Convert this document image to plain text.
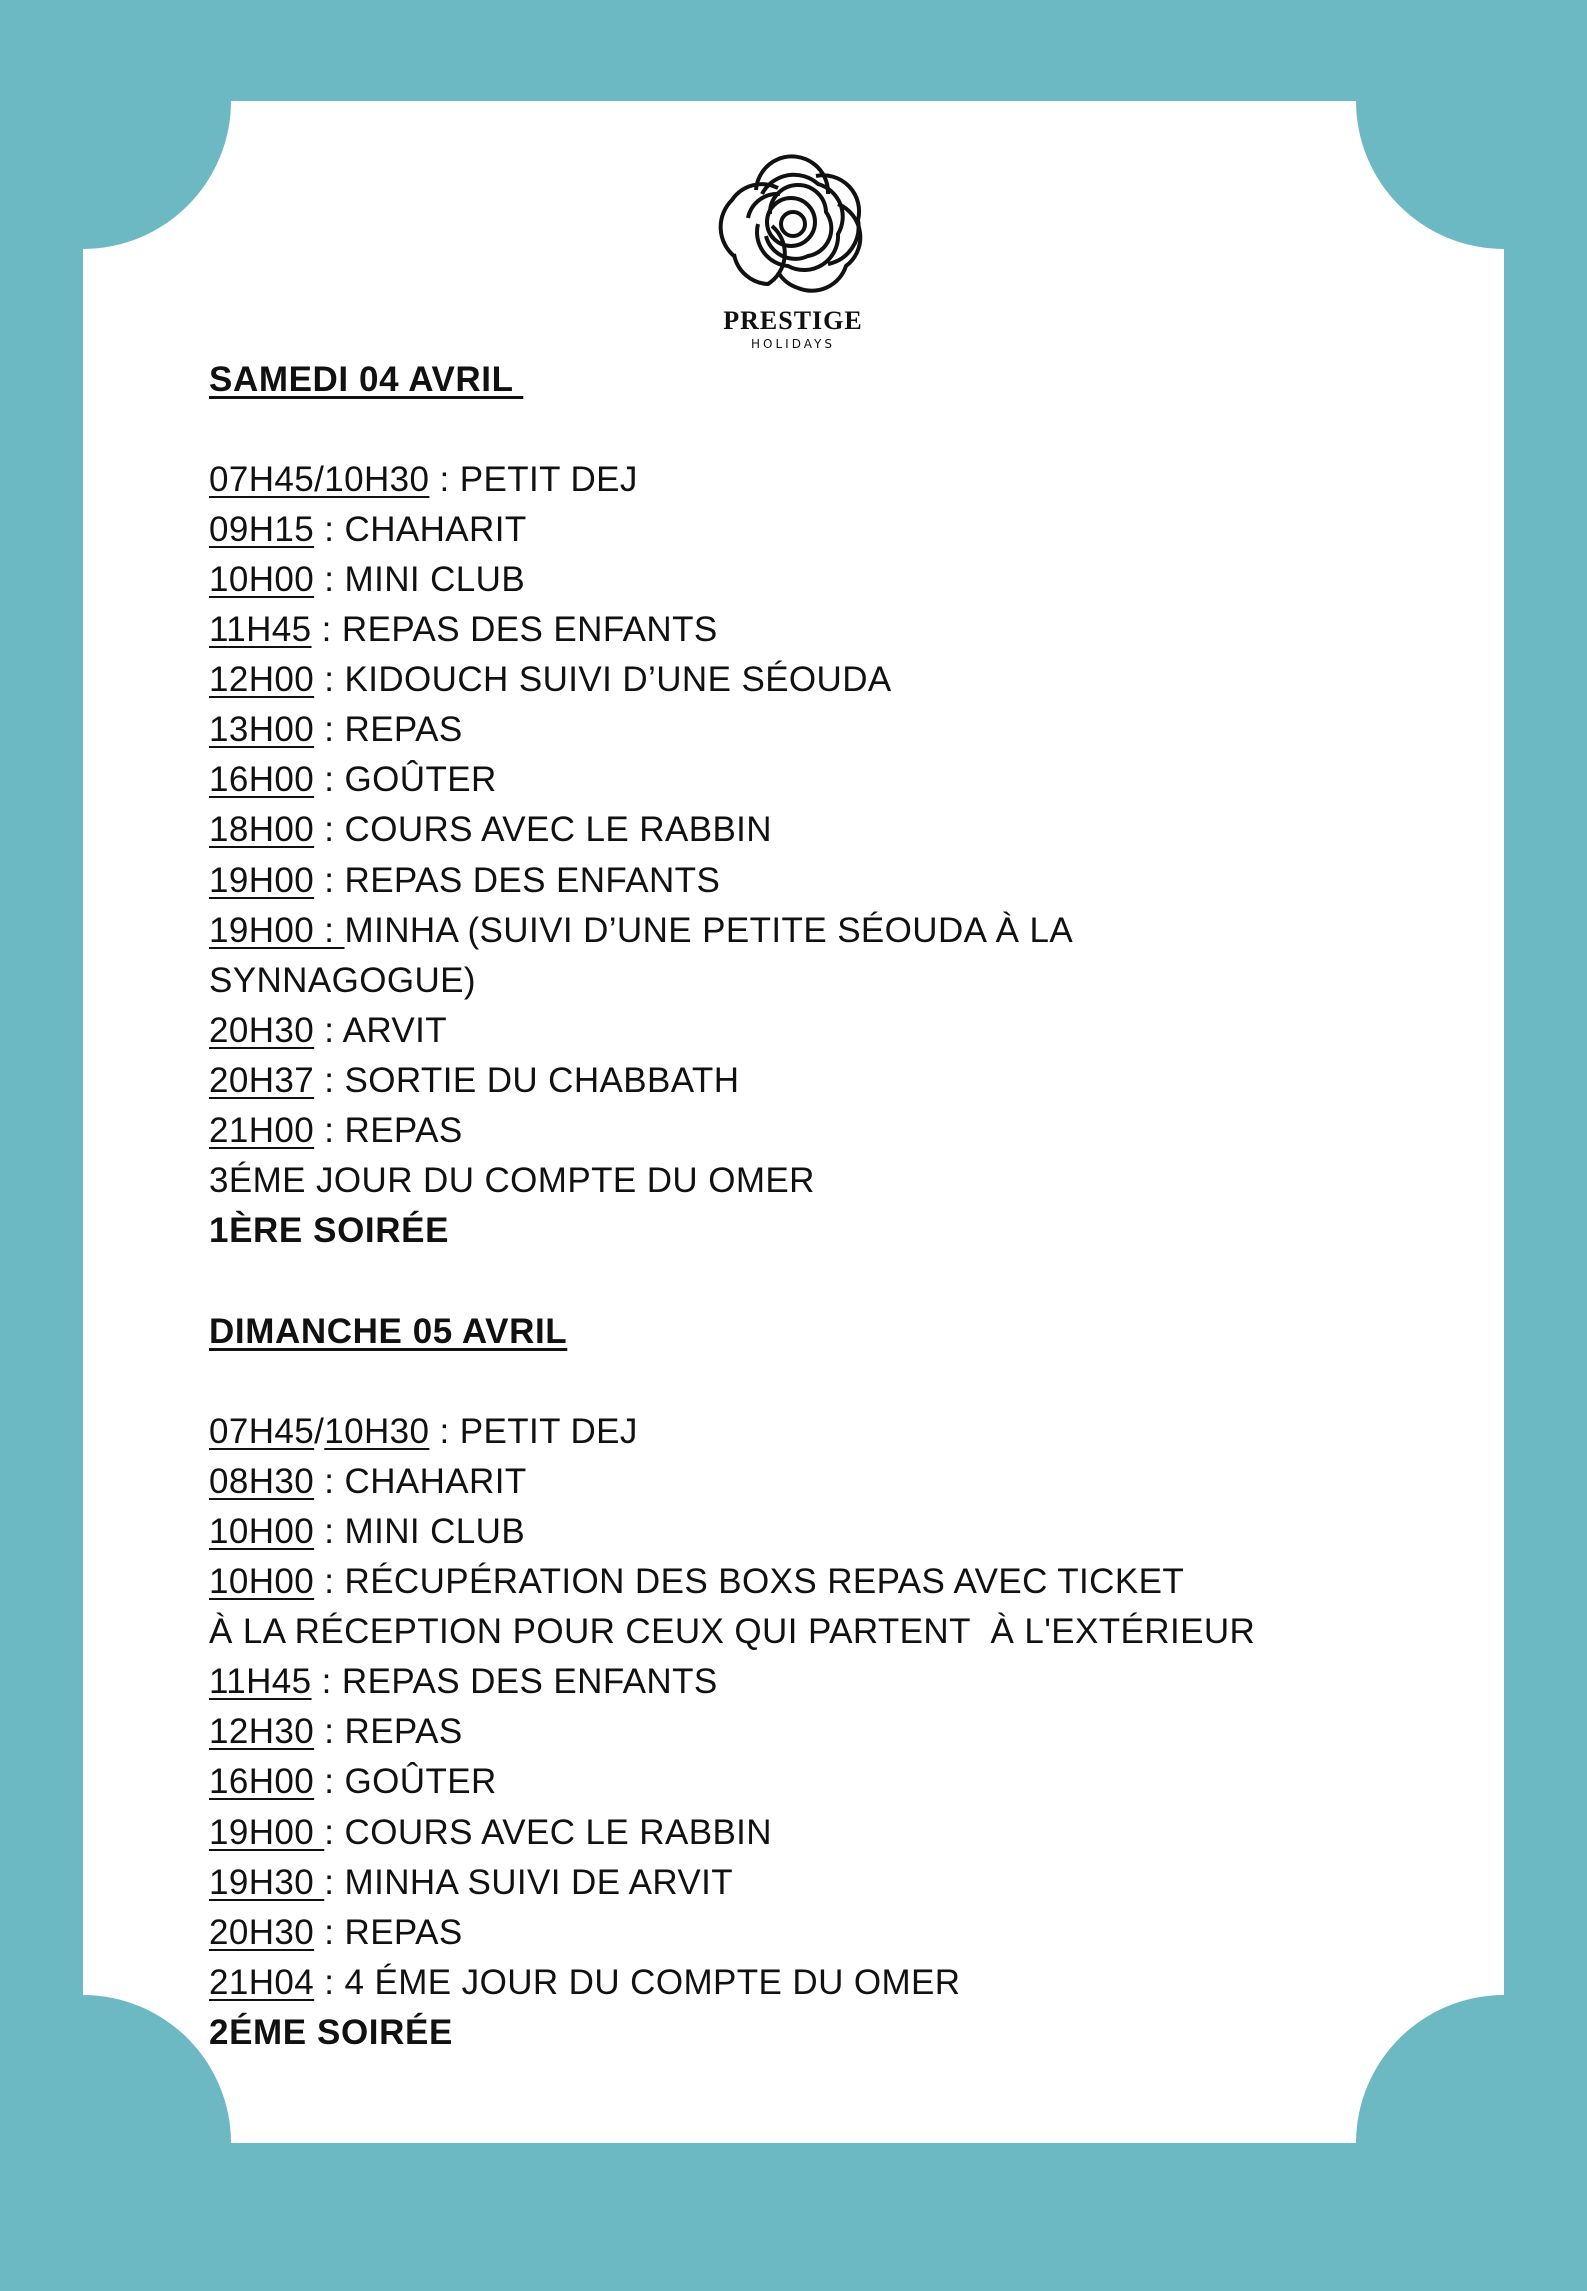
PRESTIGE
HOLIDAYS
SAMEDI 04 AVRIL
07H45/10H30 : PETIT DEJ
09H15 : CHAHARIT
10H00 : MINI CLUB
11H45 : REPAS DES ENFANTS
12H00 : KIDOUCH SUIVI D’UNE SÉOUDA
13H00 : REPAS
16H00 : GOÛTER
18H00 : COURS AVEC LE RABBIN
19H00 : REPAS DES ENFANTS
19H00 : MINHA (SUIVI D’UNE PETITE SÉOUDA À LA
SYNNAGOGUE)
20H30 : ARVIT
20H37 : SORTIE DU CHABBATH
21H00 : REPAS
3ÉME JOUR DU COMPTE DU OMER
1ÈRE SOIRÉE
DIMANCHE 05 AVRIL
07H45/10H30 : PETIT DEJ
08H30 : CHAHARIT
10H00 : MINI CLUB
10H00 : RÉCUPÉRATION DES BOXS REPAS AVEC TICKET
À LA RÉCEPTION POUR CEUX QUI PARTENT  À L'EXTÉRIEUR
11H45 : REPAS DES ENFANTS
12H30 : REPAS
16H00 : GOÛTER
19H00 : COURS AVEC LE RABBIN
19H30 : MINHA SUIVI DE ARVIT
20H30 : REPAS
21H04 : 4 ÉME JOUR DU COMPTE DU OMER
2ÉME SOIRÉE
